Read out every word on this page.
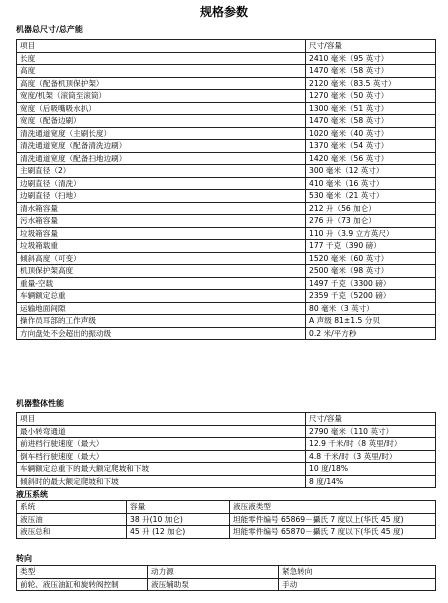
规格参数
机器总尺寸/总产能
项目	尺寸/容量
长度	2410 毫米（95 英寸）
高度	1470 毫米（58 英寸）
高度（配备机顶保护架）	2120 毫米（83.5 英寸）
宽度/机架（滚筒至滚筒）	1270 毫米（50 英寸）
宽度（后吸嘴吸水扒）	1300 毫米（51 英寸）
宽度（配备边刷）	1470 毫米（58 英寸）
清洗通道宽度（主刷长度）	1020 毫米（40 英寸）
清洗通道宽度（配备清洗边刷）	1370 毫米（54 英寸）
清洗通道宽度（配备扫地边刷）	1420 毫米（56 英寸）
主刷直径（2）	300 毫米（12 英寸）
边刷直径（清洗）	410 毫米（16 英寸）
边刷直径（扫地）	530 毫米（21 英寸）
清水箱容量	212 升（56 加仑）
污水箱容量	276 升（73 加仑）
垃圾箱容量	110 升（3.9 立方英尺）
垃圾箱载重	177 千克（390 磅）
倾斜高度（可变）	1520 毫米（60 英寸）
机顶保护架高度	2500 毫米（98 英寸）
重量-空载	1497 千克（3300 磅）
车辆额定总重	2359 千克（5200 磅）
运输地面间隙	80 毫米（3 英寸）
操作员耳部的工作声级	A 声级 81±1.5 分贝
方向盘处不会超出的振动级	0.2 米/平方秒
机器整体性能
项目	尺寸/容量
最小转弯通道	2790 毫米（110 英寸）
前进档行驶速度（最大）	12.9 千米/时（8 英里/时）
倒车档行驶速度（最大）	4.8 千米/时（3 英里/时）
车辆额定总重下的最大额定爬坡和下坡	10 度/18%
倾斜时的最大额定爬坡和下坡	8 度/14%
液压系统
系统	容量	液压液类型
液压油	38 升(10 加仑)	坦能零件编号 65869－攝氏 7 度以上(华氏 45 度)
液压总和	45 升 (12 加仑)	坦能零件编号 65870－攝氏 7 度以下(华氏 45 度)
转向
类型	动力源	紧急转向
前轮、液压油缸和旋转阀控制	液压辅助泵	手动
